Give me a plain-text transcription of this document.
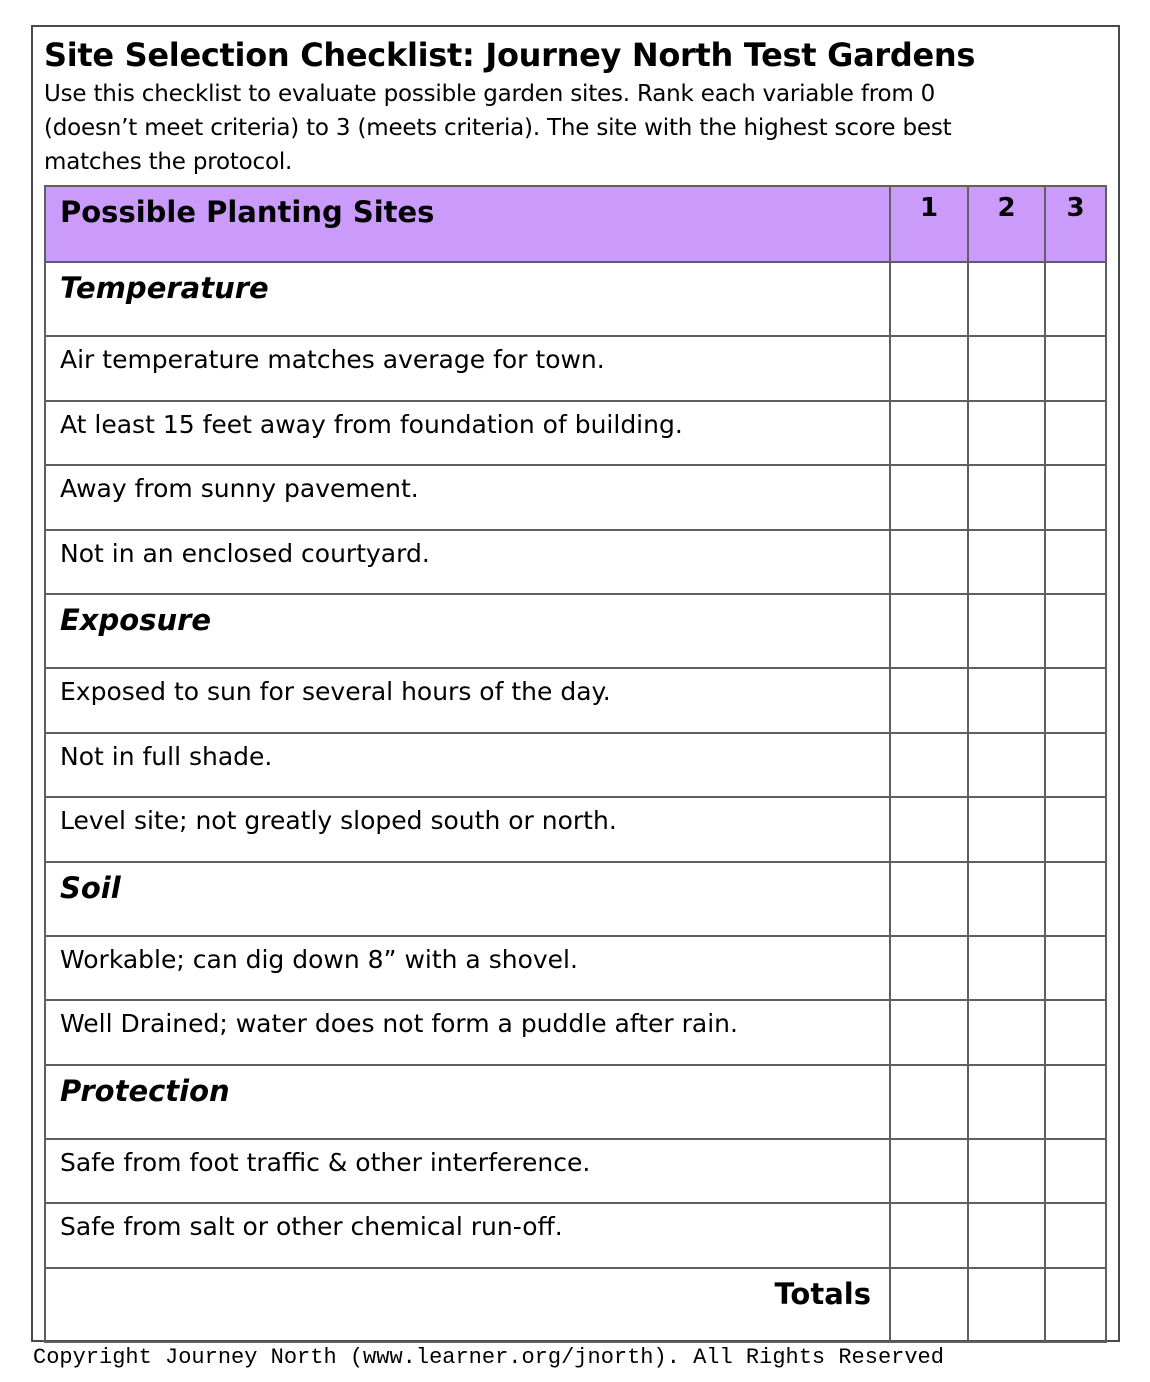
Site Selection Checklist: Journey North Test Gardens
Use this checklist to evaluate possible garden sites. Rank each variable from 0
(doesn’t meet criteria) to 3 (meets criteria). The site with the highest score best
matches the protocol.
Possible Planting Sites	1	2	3
Temperature			
Air temperature matches average for town.			
At least 15 feet away from foundation of building.			
Away from sunny pavement.			
Not in an enclosed courtyard.			
Exposure			
Exposed to sun for several hours of the day.			
Not in full shade.			
Level site; not greatly sloped south or north.			
Soil			
Workable; can dig down 8” with a shovel.			
Well Drained; water does not form a puddle after rain.			
Protection			
Safe from foot traffic & other interference.			
Safe from salt or other chemical run-off.			
Totals			
Copyright Journey North (www.learner.org/jnorth). All Rights Reserved
